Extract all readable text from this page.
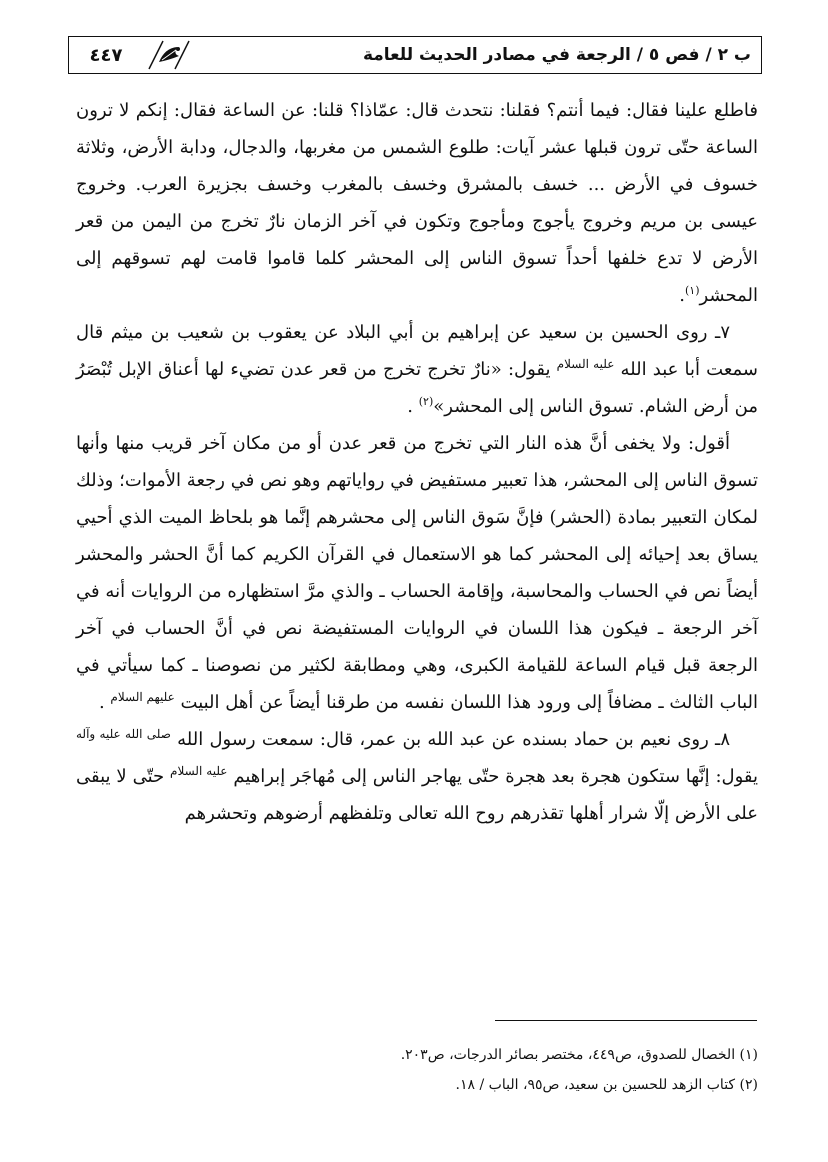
٤٤٧	ب ٢ / فص ٥ / الرجعة في مصادر الحديث للعامة

فاطلع علينا فقال: فيما أنتم؟ فقلنا: نتحدث قال: عمّاذا؟ قلنا: عن الساعة فقال: إنكم لا ترون الساعة حتّى ترون قبلها عشر آيات: طلوع الشمس من مغربها، والدجال، ودابة الأرض، وثلاثة خسوف في الأرض ... خسف بالمشرق وخسف بالمغرب وخسف بجزيرة العرب. وخروج عيسى بن مريم وخروج يأجوج ومأجوج وتكون في آخر الزمان نارٌ تخرج من اليمن من قعر الأرض لا تدع خلفها أحداً تسوق الناس إلى المحشر كلما قاموا قامت لهم تسوقهم إلى المحشر$^{(١)}$.

٧ـ روى الحسين بن سعيد عن إبراهيم بن أبي البلاد عن يعقوب بن شعيب بن ميثم قال سمعت أبا عبد الله $^{عليه السلام}$ يقول: «نارٌ تخرج تخرج من قعر عدن تضيء لها أعناق الإبل تُبْصَرُ من أرض الشام. تسوق الناس إلى المحشر»$^{(٢)}$ .

أقول: ولا يخفى أنَّ هذه النار التي تخرج من قعر عدن أو من مكان آخر قريب منها وأنها تسوق الناس إلى المحشر، هذا تعبير مستفيض في رواياتهم وهو نص في رجعة الأموات؛ وذلك لمكان التعبير بمادة (الحشر) فإنَّ سَوق الناس إلى محشرهم إنَّما هو بلحاظ الميت الذي أحيي يساق بعد إحيائه إلى المحشر كما هو الاستعمال في القرآن الكريم كما أنَّ الحشر والمحشر أيضاً نص في الحساب والمحاسبة، وإقامة الحساب ـ والذي مرَّ استظهاره من الروايات أنه في آخر الرجعة ـ فيكون هذا اللسان في الروايات المستفيضة نص في أنَّ الحساب في آخر الرجعة قبل قيام الساعة للقيامة الكبرى، وهي ومطابقة لكثير من نصوصنا ـ كما سيأتي في الباب الثالث ـ مضافاً إلى ورود هذا اللسان نفسه من طرقنا أيضاً عن أهل البيت $^{عليهم السلام}$ .

٨ـ روى نعيم بن حماد بسنده عن عبد الله بن عمر، قال: سمعت رسول الله $^{صلى الله عليه وآله}$ يقول: إنَّها ستكون هجرة بعد هجرة حتّى يهاجر الناس إلى مُهاجَر إبراهيم $^{عليه السلام}$ حتّى لا يبقى على الأرض إلّا شرار أهلها تقذرهم روح الله تعالى وتلفظهم أرضوهم وتحشرهم

(١) الخصال للصدوق، ص٤٤٩، مختصر بصائر الدرجات، ص٢٠٣.

(٢) كتاب الزهد للحسين بن سعيد، ص٩٥، الباب / ١٨.
